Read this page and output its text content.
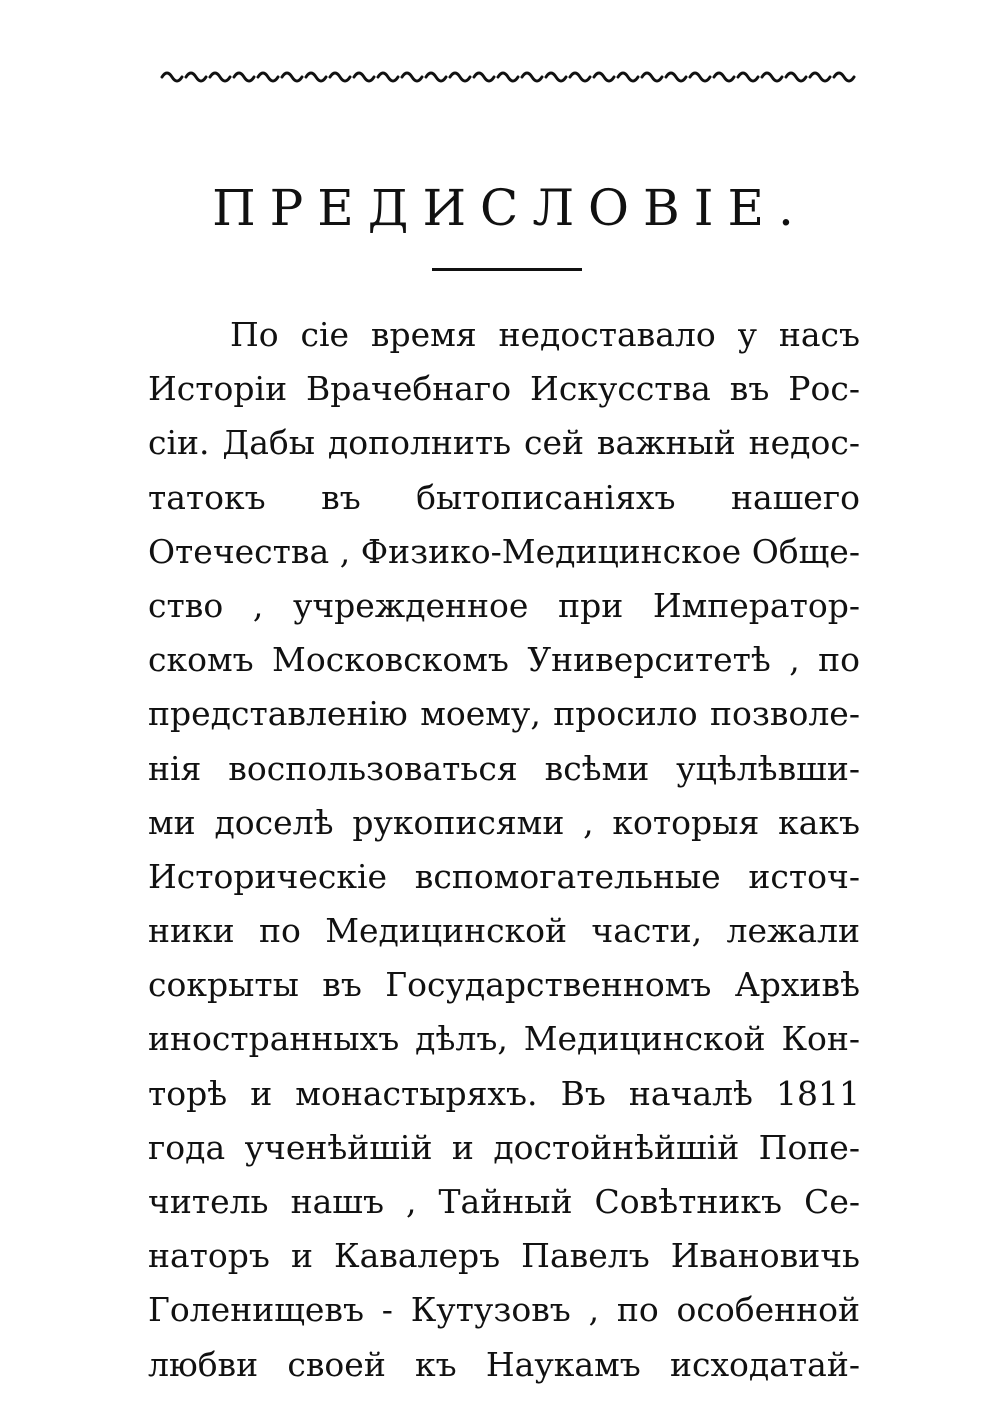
ПРЕДИСЛОВIЕ.
По сiе время недоставало у насъ
Исторiи Врачебнаго Искусства въ Рос-
сiи. Дабы дополнить сей важный недос-
татокъ въ бытописанiяхъ нашего
Отечества , Физико-Медицинское Обще-
ство , учрежденное при Император-
скомъ Московскомъ Университетѣ , по
представленiю моему, просило позволе-
нiя воспользоваться всѣми уцѣлѣвши-
ми доселѣ рукописями , которыя какъ
Историческiе вспомогательные источ-
ники по Медицинской части, лежали
сокрыты въ Государственномъ Архивѣ
иностранныхъ дѣлъ, Медицинской Кон-
торѣ и монастыряхъ. Въ началѣ 1811
года ученѣйшiй и достойнѣйшiй Попе-
читель нашъ , Тайный Совѣтникъ Се-
наторъ и Кавалеръ Павелъ Ивановичь
Голенищевъ - Кутузовъ , по особенной
любви своей къ Наукамъ исходатай-
